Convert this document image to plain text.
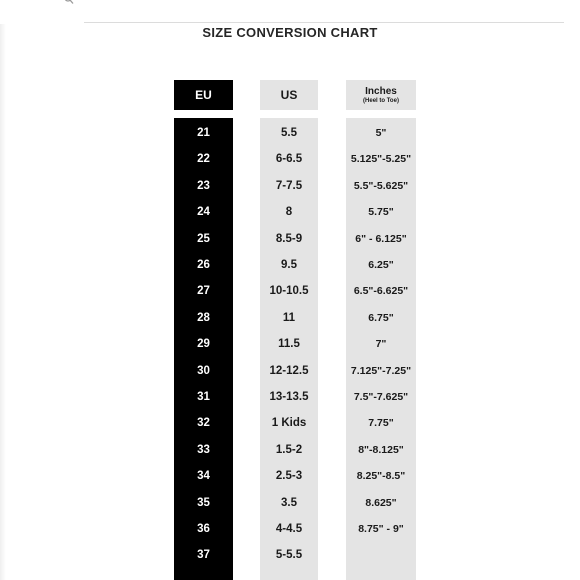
SIZE CONVERSION CHART
EU	US	Inches
(Heel to Toe)
21
22
23
24
25
26
27
28
29
30
31
32
33
34
35
36
37
5.5
6-6.5
7-7.5
8
8.5-9
9.5
10-10.5
11
11.5
12-12.5
13-13.5
1 Kids
1.5-2
2.5-3
3.5
4-4.5
5-5.5
5"
5.125"-5.25"
5.5"-5.625"
5.75"
6" - 6.125"
6.25"
6.5"-6.625"
6.75"
7"
7.125"-7.25"
7.5"-7.625"
7.75"
8"-8.125"
8.25"-8.5"
8.625"
8.75" - 9"
